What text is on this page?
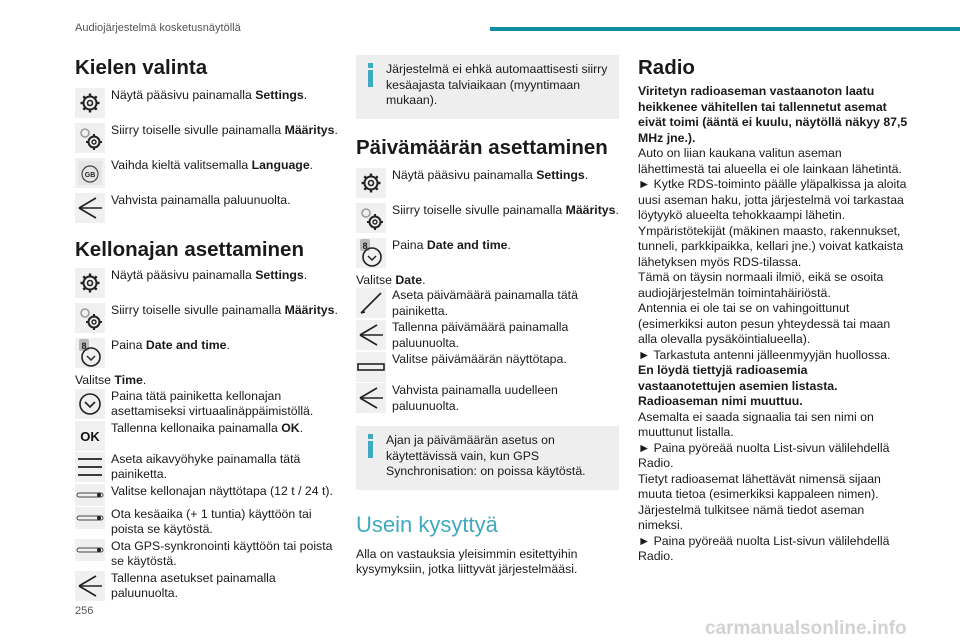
Audiojärjestelmä kosketusnäytöllä
Kielen valinta
Näytä pääsivu painamalla Settings.
Siirry toiselle sivulle painamalla Määritys.
GB
Vaihda kieltä valitsemalla Language.
Vahvista painamalla paluunuolta.
Kellonajan asettaminen
Näytä pääsivu painamalla Settings.
Siirry toiselle sivulle painamalla Määritys.
8 Paina Date and time.

Valitse Time.

Paina tätä painiketta kellonajan asettamiseksi virtuaalinäppäimistöllä.
OK
Tallenna kellonaika painamalla OK.
Aseta aikavyöhyke painamalla tätä painiketta.
Valitse kellonajan näyttötapa (12 t / 24 t).
Ota kesäaika (+ 1 tuntia) käyttöön tai poista se käytöstä.
Ota GPS-synkronointi käyttöön tai poista se käytöstä.
Tallenna asetukset painamalla paluunuolta.
Järjestelmä ei ehkä automaattisesti siirry kesäajasta talviaikaan (myyntimaan mukaan).
Päivämäärän asettaminen
Näytä pääsivu painamalla Settings.
Siirry toiselle sivulle painamalla Määritys.
8 Paina Date and time.

Valitse Date.

Aseta päivämäärä painamalla tätä painiketta.
Tallenna päivämäärä painamalla paluunuolta.
Valitse päivämäärän näyttötapa.
Vahvista painamalla uudelleen paluunuolta.
Ajan ja päivämäärän asetus on käytettävissä vain, kun GPS Synchronisation: on poissa käytöstä.
Usein kysyttyä

Alla on vastauksia yleisimmin esitettyihin kysymyksiin, jotka liittyvät järjestelmääsi.

Radio

Viritetyn radioaseman vastaanoton laatu heikkenee vähitellen tai tallennetut asemat eivät toimi (ääntä ei kuulu, näytöllä näkyy 87,5 MHz jne.).

Auto on liian kaukana valitun aseman lähettimestä tai alueella ei ole lainkaan lähetintä.

► Kytke RDS-toiminto päälle yläpalkissa ja aloita uusi aseman haku, jotta järjestelmä voi tarkastaa löytyykö alueelta tehokkaampi lähetin.

Ympäristötekijät (mäkinen maasto, rakennukset, tunneli, parkkipaikka, kellari jne.) voivat katkaista lähetyksen myös RDS-tilassa.

Tämä on täysin normaali ilmiö, eikä se osoita audiojärjestelmän toimintahäiriöstä.

Antennia ei ole tai se on vahingoittunut (esimerkiksi auton pesun yhteydessä tai maan alla olevalla pysäköintialueella).

► Tarkastuta antenni jälleenmyyjän huollossa.

En löydä tiettyjä radioasemia vastaanotettujen asemien listasta.

Radioaseman nimi muuttuu.

Asemalta ei saada signaalia tai sen nimi on muuttunut listalla.

► Paina pyöreää nuolta List-sivun välilehdellä Radio.

Tietyt radioasemat lähettävät nimensä sijaan muuta tietoa (esimerkiksi kappaleen nimen).

Järjestelmä tulkitsee nämä tiedot aseman nimeksi.

► Paina pyöreää nuolta List-sivun välilehdellä Radio.

256
carmanualsonline.info
